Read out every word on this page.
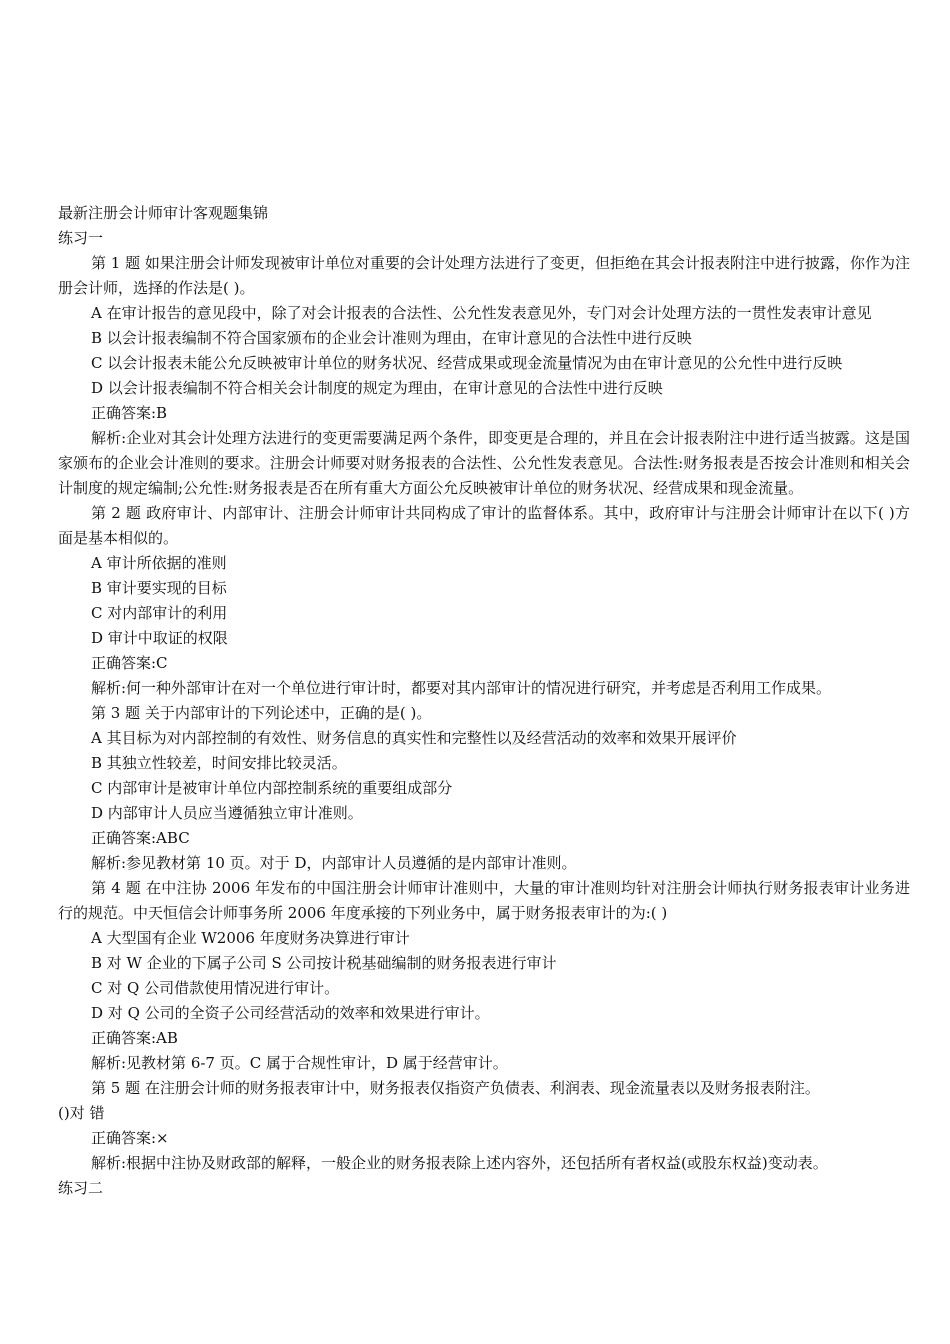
最新注册会计师审计客观题集锦

练习一

第 1 题 如果注册会计师发现被审计单位对重要的会计处理方法进行了变更，但拒绝在其会计报表附注中进行披露，你作为注册会计师，选择的作法是( )。

A 在审计报告的意见段中，除了对会计报表的合法性、公允性发表意见外，专门对会计处理方法的一贯性发表审计意见

B 以会计报表编制不符合国家颁布的企业会计准则为理由，在审计意见的合法性中进行反映

C 以会计报表未能公允反映被审计单位的财务状况、经营成果或现金流量情况为由在审计意见的公允性中进行反映

D 以会计报表编制不符合相关会计制度的规定为理由，在审计意见的合法性中进行反映

正确答案:B

解析:企业对其会计处理方法进行的变更需要满足两个条件，即变更是合理的，并且在会计报表附注中进行适当披露。这是国家颁布的企业会计准则的要求。注册会计师要对财务报表的合法性、公允性发表意见。合法性:财务报表是否按会计准则和相关会计制度的规定编制;公允性:财务报表是否在所有重大方面公允反映被审计单位的财务状况、经营成果和现金流量。

第 2 题 政府审计、内部审计、注册会计师审计共同构成了审计的监督体系。其中，政府审计与注册会计师审计在以下( )方面是基本相似的。

A 审计所依据的准则

B 审计要实现的目标

C 对内部审计的利用

D 审计中取证的权限

正确答案:C

解析:何一种外部审计在对一个单位进行审计时，都要对其内部审计的情况进行研究，并考虑是否利用工作成果。

第 3 题 关于内部审计的下列论述中，正确的是( )。

A 其目标为对内部控制的有效性、财务信息的真实性和完整性以及经营活动的效率和效果开展评价

B 其独立性较差，时间安排比较灵活。

C 内部审计是被审计单位内部控制系统的重要组成部分

D 内部审计人员应当遵循独立审计准则。

正确答案:ABC

解析:参见教材第 10 页。对于 D，内部审计人员遵循的是内部审计准则。

第 4 题 在中注协 2006 年发布的中国注册会计师审计准则中，大量的审计准则均针对注册会计师执行财务报表审计业务进行的规范。中天恒信会计师事务所 2006 年度承接的下列业务中，属于财务报表审计的为:( )

A 大型国有企业 W2006 年度财务决算进行审计

B 对 W 企业的下属子公司 S 公司按计税基础编制的财务报表进行审计

C 对 Q 公司借款使用情况进行审计。

D 对 Q 公司的全资子公司经营活动的效率和效果进行审计。

正确答案:AB

解析:见教材第 6-7 页。C 属于合规性审计，D 属于经营审计。

第 5 题 在注册会计师的财务报表审计中，财务报表仅指资产负债表、利润表、现金流量表以及财务报表附注。

()对 错

正确答案:×

解析:根据中注协及财政部的解释，一般企业的财务报表除上述内容外，还包括所有者权益(或股东权益)变动表。

练习二
